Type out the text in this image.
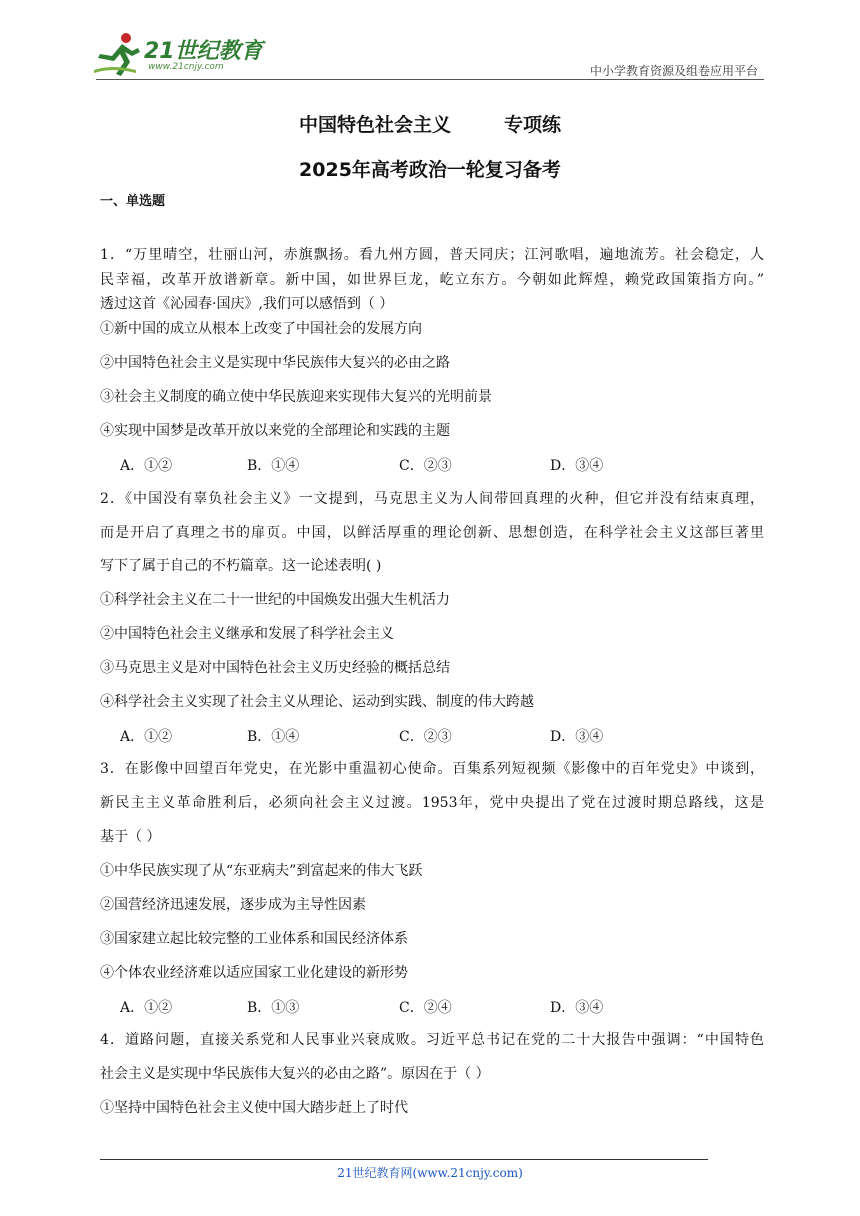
21世纪教育
www.21cnjy.com	中小学教育资源及组卷应用平台
中国特色社会主义        专项练
2025年高考政治一轮复习备考
一、单选题
1．“万里晴空，壮丽山河，赤旗飘扬。看九州方圆，普天同庆；江河歌唱，遍地流芳。社会稳定，人
民幸福，改革开放谱新章。新中国，如世界巨龙，屹立东方。今朝如此辉煌，赖党政国策指方向。”
透过这首《沁园春·国庆》,我们可以感悟到（ ）
①新中国的成立从根本上改变了中国社会的发展方向
②中国特色社会主义是实现中华民族伟大复兴的必由之路
③社会主义制度的确立使中华民族迎来实现伟大复兴的光明前景
④实现中国梦是改革开放以来党的全部理论和实践的主题
A．①②	B．①④	C．②③	D．③④
2．《中国没有辜负社会主义》一文提到，马克思主义为人间带回真理的火种，但它并没有结束真理，
而是开启了真理之书的扉页。中国，以鲜活厚重的理论创新、思想创造，在科学社会主义这部巨著里
写下了属于自己的不朽篇章。这一论述表明( )
①科学社会主义在二十一世纪的中国焕发出强大生机活力
②中国特色社会主义继承和发展了科学社会主义
③马克思主义是对中国特色社会主义历史经验的概括总结
④科学社会主义实现了社会主义从理论、运动到实践、制度的伟大跨越
A．①②	B．①④	C．②③	D．③④
3．在影像中回望百年党史，在光影中重温初心使命。百集系列短视频《影像中的百年党史》中谈到，
新民主主义革命胜利后，必须向社会主义过渡。1953年，党中央提出了党在过渡时期总路线，这是
基于（ ）
①中华民族实现了从“东亚病夫”到富起来的伟大飞跃
②国营经济迅速发展，逐步成为主导性因素
③国家建立起比较完整的工业体系和国民经济体系
④个体农业经济难以适应国家工业化建设的新形势
A．①②	B．①③	C．②④	D．③④
4．道路问题，直接关系党和人民事业兴衰成败。习近平总书记在党的二十大报告中强调：“中国特色
社会主义是实现中华民族伟大复兴的必由之路”。原因在于（ ）
①坚持中国特色社会主义使中国大踏步赶上了时代
21世纪教育网(www.21cnjy.com)
